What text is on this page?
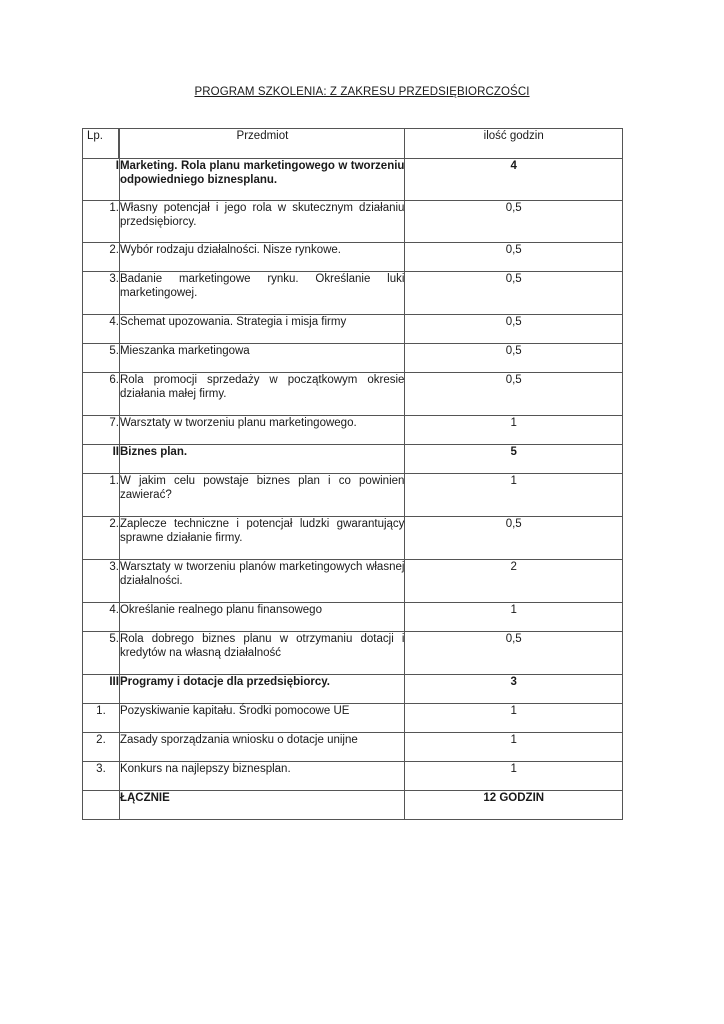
PROGRAM SZKOLENIA: Z ZAKRESU PRZEDSIĘBIORCZOŚCI
Lp.	Przedmiot	ilość godzin
I	Marketing. Rola planu marketingowego w tworzeniu odpowiedniego biznesplanu.	4
1.	Własny potencjał i jego rola w skutecznym działaniu przedsiębiorcy.	0,5
2.	Wybór rodzaju działalności. Nisze rynkowe.	0,5
3.	Badanie marketingowe rynku. Określanie luki marketingowej.	0,5
4.	Schemat upozowania. Strategia i misja firmy	0,5
5.	Mieszanka marketingowa	0,5
6.	Rola promocji sprzedaży w początkowym okresie działania małej firmy.	0,5
7.	Warsztaty w tworzeniu planu marketingowego.	1
II	Biznes plan.	5
1.	W jakim celu powstaje biznes plan i co powinien zawierać?	1
2.	Zaplecze techniczne i potencjał ludzki gwarantujący sprawne działanie firmy.	0,5
3.	Warsztaty w tworzeniu planów marketingowych własnej działalności.	2
4.	Określanie realnego planu finansowego	1
5.	Rola dobrego biznes planu w otrzymaniu dotacji i kredytów na własną działalność	0,5
III	Programy i dotacje dla przedsiębiorcy.	3
1.	Pozyskiwanie kapitału. Środki pomocowe UE	1
2.	Zasady sporządzania wniosku o dotacje unijne	1
3.	Konkurs na najlepszy biznesplan.	1
	ŁĄCZNIE	12 GODZIN
